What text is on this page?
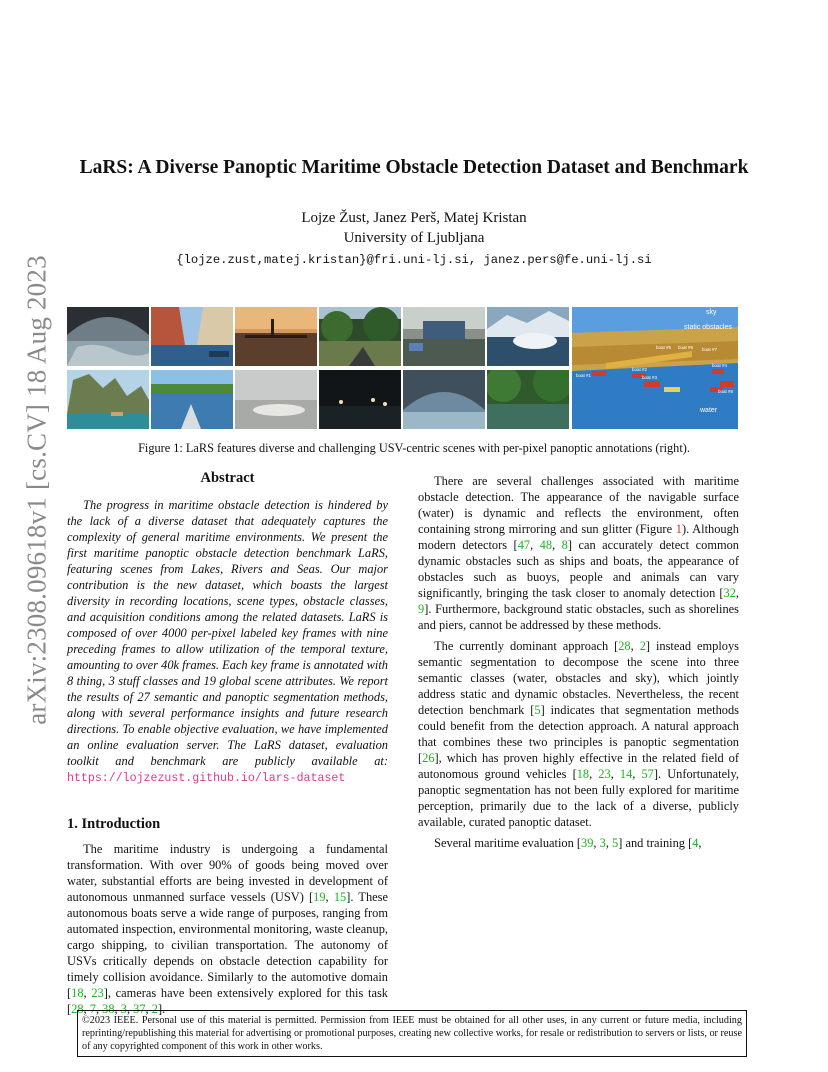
arXiv:2308.09618v1 [cs.CV] 18 Aug 2023
LaRS: A Diverse Panoptic Maritime Obstacle Detection Dataset and Benchmark
Lojze Žust, Janez Perš, Matej Kristan
University of Ljubljana
{lojze.zust,matej.kristan}@fri.uni-lj.si, janez.pers@fe.uni-lj.si
sky
static obstacles
water
boat #1
boat #2
boat #3
boat #4
boat #5 boat #6 boat #7
boat #8
Figure 1: LaRS features diverse and challenging USV-centric scenes with per-pixel panoptic annotations (right).
Abstract

The progress in maritime obstacle detection is hindered by the lack of a diverse dataset that adequately captures the complexity of general maritime environments. We present the first maritime panoptic obstacle detection benchmark LaRS, featuring scenes from Lakes, Rivers and Seas. Our major contribution is the new dataset, which boasts the largest diversity in recording locations, scene types, obstacle classes, and acquisition conditions among the related datasets. LaRS is composed of over 4000 per-pixel labeled key frames with nine preceding frames to allow utilization of the temporal texture, amounting to over 40k frames. Each key frame is annotated with 8 thing, 3 stuff classes and 19 global scene attributes. We report the results of 27 semantic and panoptic segmentation methods, along with several performance insights and future research directions. To enable objective evaluation, we have implemented an online evaluation server. The LaRS dataset, evaluation toolkit and benchmark are publicly available at: https://lojzezust.github.io/lars-dataset

1. Introduction

The maritime industry is undergoing a fundamental transformation. With over 90% of goods being moved over water, substantial efforts are being invested in development of autonomous unmanned surface vessels (USV) [19, 15]. These autonomous boats serve a wide range of purposes, ranging from automated inspection, environmental monitoring, waste cleanup, cargo shipping, to civilian transportation. The autonomy of USVs critically depends on obstacle detection capability for timely collision avoidance. Similarly to the automotive domain [18, 23], cameras have been extensively explored for this task [28, 7, 38, 3, 37, 2].

There are several challenges associated with maritime obstacle detection. The appearance of the navigable surface (water) is dynamic and reflects the environment, often containing strong mirroring and sun glitter (Figure 1). Although modern detectors [47, 48, 8] can accurately detect common dynamic obstacles such as ships and boats, the appearance of obstacles such as buoys, people and animals can vary significantly, bringing the task closer to anomaly detection [32, 9]. Furthermore, background static obstacles, such as shorelines and piers, cannot be addressed by these methods.

The currently dominant approach [28, 2] instead employs semantic segmentation to decompose the scene into three semantic classes (water, obstacles and sky), which jointly address static and dynamic obstacles. Nevertheless, the recent detection benchmark [5] indicates that segmentation methods could benefit from the detection approach. A natural approach that combines these two principles is panoptic segmentation [26], which has proven highly effective in the related field of autonomous ground vehicles [18, 23, 14, 57]. Unfortunately, panoptic segmentation has not been fully explored for maritime perception, primarily due to the lack of a diverse, publicly available, curated panoptic dataset.

Several maritime evaluation [39, 3, 5] and training [4,

©2023 IEEE. Personal use of this material is permitted. Permission from IEEE must be obtained for all other uses, in any current or future media, including reprinting/republishing this material for advertising or promotional purposes, creating new collective works, for resale or redistribution to servers or lists, or reuse of any copyrighted component of this work in other works.
